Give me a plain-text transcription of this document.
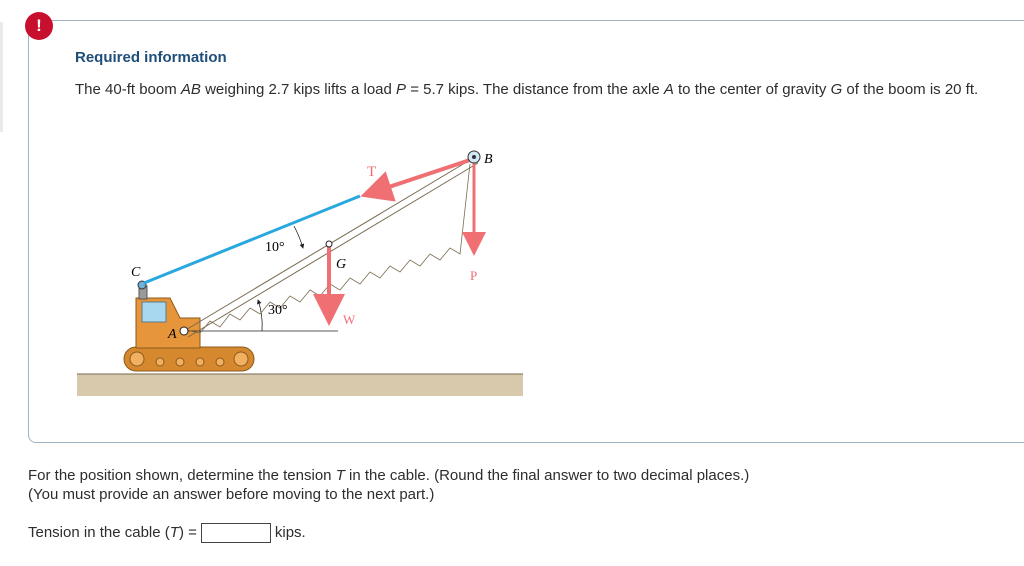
!
Required information
The 40-ft boom AB weighing 2.7 kips lifts a load P = 5.7 kips. The distance from the axle A to the center of gravity G of the boom is 20 ft.
B
T
C
G
A
P
W
10°
30°
For the position shown, determine the tension T in the cable. (Round the final answer to two decimal places.)
(You must provide an answer before moving to the next part.)
Tension in the cable (T) =	kips.
